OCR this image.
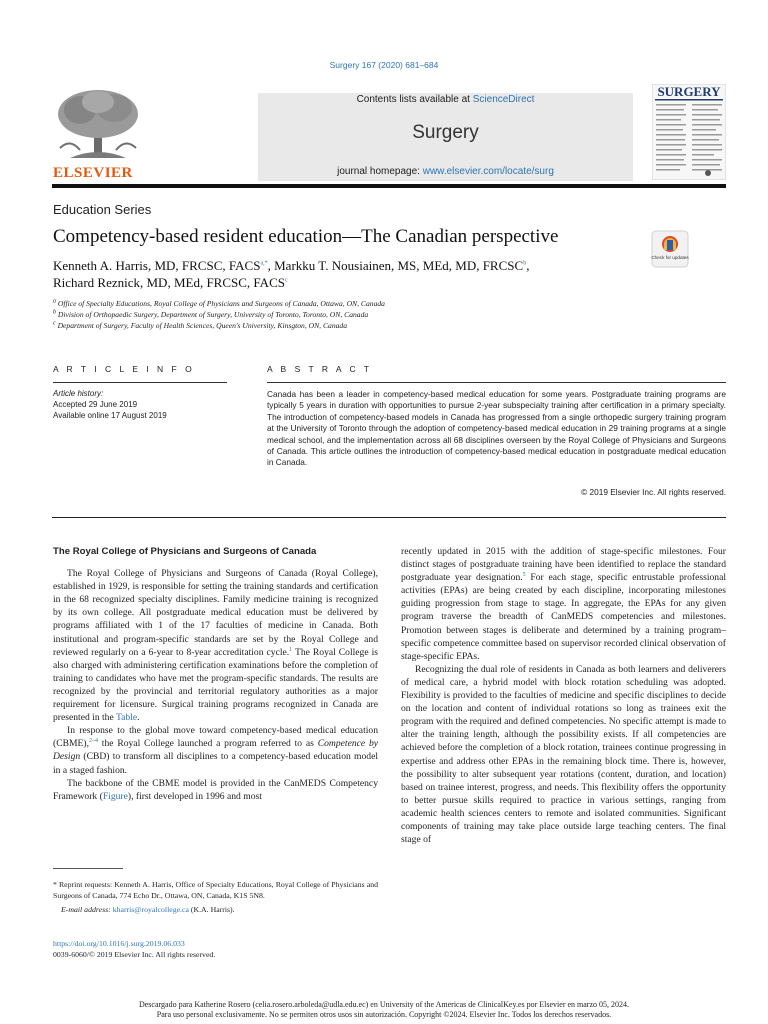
Surgery 167 (2020) 681–684
ELSEVIER
Contents lists available at ScienceDirect
Surgery
journal homepage: www.elsevier.com/locate/surg
SURGERY
Education Series
Competency-based resident education—The Canadian perspective
Check for updates
Kenneth A. Harris, MD, FRCSC, $FACS^{a,*}$, Markku T. Nousiainen, MS, MEd, MD, FRCSC$^b$,
Richard Reznick, MD, MEd, FRCSC, FACS$^c$
$^a$ Office of Specialty Educations, Royal College of Physicians and Surgeons of Canada, Ottawa, ON, Canada
$^b$ Division of Orthopaedic Surgery, Department of Surgery, University of Toronto, Toronto, ON, Canada
$^c$ Department of Surgery, Faculty of Health Sciences, Queen's University, Kinsgton, ON, Canada
A R T I C L E I N F O	A B S T R A C T
Article history:
Accepted 29 June 2019
Available online 17 August 2019
Canada has been a leader in competency-based medical education for some years. Postgraduate training programs are typically 5 years in duration with opportunities to pursue 2-year subspecialty training after certification in a primary specialty. The introduction of competency-based models in Canada has progressed from a single orthopedic surgery training program at the University of Toronto through the adoption of competency-based medical education in 29 training programs at a single medical school, and the implementation across all 68 disciplines overseen by the Royal College of Physicians and Surgeons of Canada. This article outlines the introduction of competency-based medical education in postgraduate medical education in Canada.
© 2019 Elsevier Inc. All rights reserved.
The Royal College of Physicians and Surgeons of Canada

The Royal College of Physicians and Surgeons of Canada (Royal College), established in 1929, is responsible for setting the training standards and certification in the 68 recognized specialty disciplines. Family medicine training is recognized by its own college. All postgraduate medical education must be delivered by programs affiliated with 1 of the 17 faculties of medicine in Canada. Both institutional and program-specific standards are set by the Royal College and reviewed regularly on a 6-year to 8-year accreditation cycle.$^1$ The Royal College is also charged with administering certification examinations before the completion of training to candidates who have met the program-specific standards. The results are recognized by the provincial and territorial regulatory authorities as a major requirement for licensure. Surgical training programs recognized in Canada are presented in the Table.

In response to the global move toward competency-based medical education (CBME),$^{2-4}$ the Royal College launched a program referred to as Competence by Design (CBD) to transform all disciplines to a competency-based education model in a staged fashion.

The backbone of the CBME model is provided in the CanMEDS Competency Framework (Figure), first developed in 1996 and most

recently updated in 2015 with the addition of stage-specific milestones. Four distinct stages of postgraduate training have been identified to replace the standard postgraduate year designation.$^5$ For each stage, specific entrustable professional activities (EPAs) are being created by each discipline, incorporating milestones guiding progression from stage to stage. In aggregate, the EPAs for any given program traverse the breadth of CanMEDS competencies and milestones. Promotion between stages is deliberate and determined by a training program–specific competence committee based on supervisor recorded clinical observation of stage-specific EPAs.

Recognizing the dual role of residents in Canada as both learners and deliverers of medical care, a hybrid model with block rotation scheduling was adopted. Flexibility is provided to the faculties of medicine and specific disciplines to decide on the location and content of individual rotations so long as trainees exit the program with the required and defined competencies. No specific attempt is made to alter the training length, although the possibility exists. If all competencies are achieved before the completion of a block rotation, trainees continue progressing in expertise and address other EPAs in the remaining block time. There is, however, the possibility to alter subsequent year rotations (content, duration, and location) based on trainee interest, progress, and needs. This flexibility offers the opportunity to better pursue skills required to practice in various settings, ranging from academic health sciences centers to remote and isolated communities. Significant components of training may take place outside large teaching centers. The final stage of

* Reprint requests: Kenneth A. Harris, Office of Specialty Educations, Royal College of Physicians and Surgeons of Canada, 774 Echo Dr., Ottawa, ON, Canada, K1S 5N8.
E-mail address: kharris@royalcollege.ca (K.A. Harris).
https://doi.org/10.1016/j.surg.2019.06.033
0039-6060/© 2019 Elsevier Inc. All rights reserved.
Descargado para Katherine Rosero (celia.rosero.arboleda@udla.edu.ec) en University of the Americas de ClinicalKey.es por Elsevier en marzo 05, 2024.
Para uso personal exclusivamente. No se permiten otros usos sin autorización. Copyright ©2024. Elsevier Inc. Todos los derechos reservados.
